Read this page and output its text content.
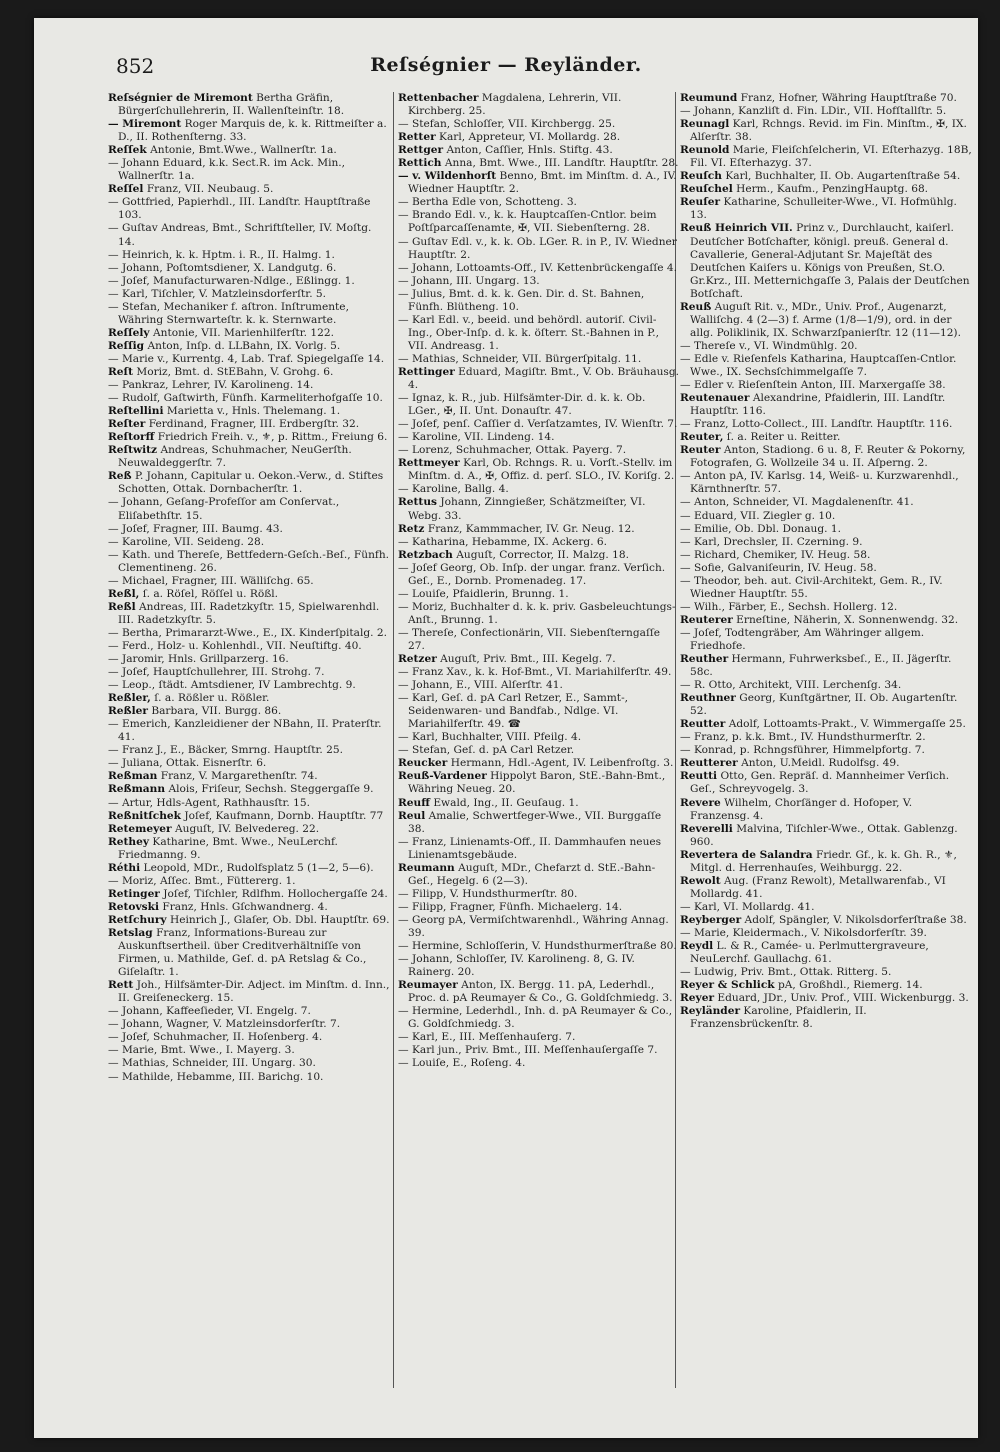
852	Reſségnier — Reyländer.

Reſségnier de Miremont Bertha Gräfin, Bürgerſchullehrerin, II. Wallenſteinſtr. 18.

— Miremont Roger Marquis de, k. k. Rittmeiſter a. D., II. Rothenſterng. 33.

Reſſek Antonie, Bmt.Wwe., Wallnerſtr. 1a.

— Johann Eduard, k.k. Sect.R. im Ack. Min., Wallnerſtr. 1a.

Reſſel Franz, VII. Neubaug. 5.

— Gottfried, Papierhdl., III. Landſtr. Hauptſtraße 103.

— Guſtav Andreas, Bmt., Schriftſteller, IV. Moſtg. 14.

— Heinrich, k. k. Hptm. i. R., II. Halmg. 1.

— Johann, Poſtomtsdiener, X. Landgutg. 6.

— Joſef, Manufacturwaren-Ndlge., Eßlingg. 1.

— Karl, Tiſchler, V. Matzleinsdorferſtr. 5.

— Stefan, Mechaniker f. aſtron. Inſtrumente, Währing Sternwarteſtr. k. k. Sternwarte.

Reſſely Antonie, VII. Marienhilferſtr. 122.

Reſſig Anton, Inſp. d. LLBahn, IX. Vorlg. 5.

— Marie v., Kurrentg. 4, Lab. Traf. Spiegelgaſſe 14.

Reſt Moriz, Bmt. d. StEBahn, V. Grohg. 6.

— Pankraz, Lehrer, IV. Karolineng. 14.

— Rudolf, Gaſtwirth, Fünfh. Karmeliterhofgaſſe 10.

Reſtellini Marietta v., Hnls. Thelemang. 1.

Reſter Ferdinand, Fragner, III. Erdbergſtr. 32.

Reſtorff Friedrich Freih. v., ⚜, p. Rittm., Freiung 6.

Reſtwitz Andreas, Schuhmacher, NeuGerſth. Neuwaldeggerſtr. 7.

Reß P. Johann, Capitular u. Oekon.-Verw., d. Stiftes Schotten, Ottak. Dornbacherſtr. 1.

— Johann, Geſang-Profeſſor am Conſervat., Eliſabethſtr. 15.

— Joſef, Fragner, III. Baumg. 43.

— Karoline, VII. Seideng. 28.

— Kath. und Thereſe, Bettfedern-Geſch.-Beſ., Fünfh. Clementineng. 26.

— Michael, Fragner, III. Wälliſchg. 65.

Reßl, ſ. a. Röſel, Röſſel u. Rößl.

Reßl Andreas, III. Radetzkyſtr. 15, Spielwarenhdl. III. Radetzkyſtr. 5.

— Bertha, Primararzt-Wwe., E., IX. Kinderſpitalg. 2.

— Ferd., Holz- u. Kohlenhdl., VII. Neuſtiftg. 40.

— Jaromir, Hnls. Grillparzerg. 16.

— Joſef, Hauptſchullehrer, III. Strohg. 7.

— Leop., ſtädt. Amtsdiener, IV Lambrechtg. 9.

Reßler, ſ. a. Rößler u. Rößler.

Reßler Barbara, VII. Burgg. 86.

— Emerich, Kanzleidiener der NBahn, II. Praterſtr. 41.

— Franz J., E., Bäcker, Smrng. Hauptſtr. 25.

— Juliana, Ottak. Eisnerſtr. 6.

Reßman Franz, V. Margarethenſtr. 74.

Reßmann Alois, Friſeur, Sechsh. Steggergaſſe 9.

— Artur, Hdls-Agent, Rathhausſtr. 15.

Reßnitſchek Joſef, Kaufmann, Dornb. Hauptſtr. 77

Retemeyer Auguſt, IV. Belvedereg. 22.

Rethey Katharine, Bmt. Wwe., NeuLerchf. Friedmanng. 9.

Réthi Leopold, MDr., Rudolfsplatz 5 (1—2, 5—6).

— Moriz, Aſſec. Bmt., Füttererg. 1.

Retinger Joſef, Tiſchler, Rdlfhm. Hollochergaſſe 24.

Retovski Franz, Hnls. Gſchwandnerg. 4.

Retſchury Heinrich J., Glaſer, Ob. Dbl. Hauptſtr. 69.

Retslag Franz, Informations-Bureau zur Auskunftsertheil. über Creditverhältniſſe von Firmen, u. Mathilde, Geſ. d. pA Retslag & Co., Giſelaſtr. 1.

Rett Joh., Hilfsämter-Dir. Adject. im Minſtm. d. Inn., II. Greiſeneckerg. 15.

— Johann, Kaffeeſieder, VI. Engelg. 7.

— Johann, Wagner, V. Matzleinsdorferſtr. 7.

— Joſef, Schuhmacher, II. Hoſenberg. 4.

— Marie, Bmt. Wwe., I. Mayerg. 3.

— Mathias, Schneider, III. Ungarg. 30.

— Mathilde, Hebamme, III. Barichg. 10.

Rettenbacher Magdalena, Lehrerin, VII. Kirchberg. 25.

— Stefan, Schloſſer, VII. Kirchbergg. 25.

Retter Karl, Appreteur, VI. Mollardg. 28.

Rettger Anton, Caſſier, Hnls. Stiftg. 43.

Rettich Anna, Bmt. Wwe., III. Landſtr. Hauptſtr. 28.

— v. Wildenhorſt Benno, Bmt. im Minſtm. d. A., IV. Wiedner Hauptſtr. 2.

— Bertha Edle von, Schotteng. 3.

— Brando Edl. v., k. k. Hauptcaſſen-Cntlor. beim Poſtſparcaſſenamte, ✠, VII. Siebenſterng. 28.

— Guſtav Edl. v., k. k. Ob. LGer. R. in P., IV. Wiedner Hauptſtr. 2.

— Johann, Lottoamts-Off., IV. Kettenbrückengaſſe 4.

— Johann, III. Ungarg. 13.

— Julius, Bmt. d. k. k. Gen. Dir. d. St. Bahnen, Fünfh. Blütheng. 10.

— Karl Edl. v., beeid. und behördl. autoriſ. Civil-Ing., Ober-Inſp. d. k. k. öſterr. St.-Bahnen in P., VII. Andreasg. 1.

— Mathias, Schneider, VII. Bürgerſpitalg. 11.

Rettinger Eduard, Magiſtr. Bmt., V. Ob. Bräuhausg. 4.

— Ignaz, k. R., jub. Hilfsämter-Dir. d. k. k. Ob. LGer., ✠, II. Unt. Donauſtr. 47.

— Joſef, penſ. Caſſier d. Verſatzamtes, IV. Wienſtr. 7.

— Karoline, VII. Lindeng. 14.

— Lorenz, Schuhmacher, Ottak. Payerg. 7.

Rettmeyer Karl, Ob. Rchngs. R. u. Vorſt.-Stellv. im Minſtm. d. A., ✠, Offiz. d. perſ. SLO., IV. Koriſg. 2.

— Karoline, Ballg. 4.

Rettus Johann, Zinngießer, Schätzmeiſter, VI. Webg. 33.

Retz Franz, Kammmacher, IV. Gr. Neug. 12.

— Katharina, Hebamme, IX. Ackerg. 6.

Retzbach Auguſt, Corrector, II. Malzg. 18.

— Joſef Georg, Ob. Inſp. der ungar. franz. Verſich. Geſ., E., Dornb. Promenadeg. 17.

— Louiſe, Pfaidlerin, Brunng. 1.

— Moriz, Buchhalter d. k. k. priv. Gasbeleuchtungs-Anſt., Brunng. 1.

— Thereſe, Confectionärin, VII. Siebenſterngaſſe 27.

Retzer Auguſt, Priv. Bmt., III. Kegelg. 7.

— Franz Xav., k. k. Hof-Bmt., VI. Mariahilferſtr. 49.

— Johann, E., VIII. Alſerſtr. 41.

— Karl, Geſ. d. pA Carl Retzer, E., Sammt-, Seidenwaren- und Bandfab., Ndlge. VI. Mariahilferſtr. 49. ☎

— Karl, Buchhalter, VIII. Pfeilg. 4.

— Stefan, Geſ. d. pA Carl Retzer.

Reucker Hermann, Hdl.-Agent, IV. Leibenfroſtg. 3.

Reuß-Vardener Hippolyt Baron, StE.-Bahn-Bmt., Währing Neueg. 20.

Reuff Ewald, Ing., II. Geuſaug. 1.

Reul Amalie, Schwertfeger-Wwe., VII. Burggaſſe 38.

— Franz, Linienamts-Off., II. Dammhaufen neues Linienamtsgebäude.

Reumann Auguſt, MDr., Chefarzt d. StE.-Bahn-Geſ., Hegelg. 6 (2—3).

— Filipp, V. Hundsthurmerſtr. 80.

— Filipp, Fragner, Fünfh. Michaelerg. 14.

— Georg pA, Vermiſchtwarenhdl., Währing Annag. 39.

— Hermine, Schloſſerin, V. Hundsthurmerſtraße 80.

— Johann, Schloſſer, IV. Karolineng. 8, G. IV. Rainerg. 20.

Reumayer Anton, IX. Bergg. 11. pA, Lederhdl., Proc. d. pA Reumayer & Co., G. Goldſchmiedg. 3.

— Hermine, Lederhdl., Inh. d. pA Reumayer & Co., G. Goldſchmiedg. 3.

— Karl, E., III. Meſſenhauſerg. 7.

— Karl jun., Priv. Bmt., III. Meſſenhauſergaſſe 7.

— Louiſe, E., Roſeng. 4.

Reumund Franz, Hofner, Währing Hauptſtraße 70.

— Johann, Kanzliſt d. Fin. LDir., VII. Hofſtallſtr. 5.

Reunagl Karl, Rchngs. Revid. im Fin. Minſtm., ✠, IX. Alſerſtr. 38.

Reunold Marie, Fleiſchſelcherin, VI. Eſterhazyg. 18B, Fil. VI. Eſterhazyg. 37.

Reuſch Karl, Buchhalter, II. Ob. Augartenſtraße 54.

Reuſchel Herm., Kaufm., PenzingHauptg. 68.

Reuſer Katharine, Schulleiter-Wwe., VI. Hofmühlg. 13.

Reuß Heinrich VII. Prinz v., Durchlaucht, kaiſerl. Deutſcher Botſchafter, königl. preuß. General d. Cavallerie, General-Adjutant Sr. Majeſtät des Deutſchen Kaiſers u. Königs von Preußen, St.O. Gr.Krz., III. Metternichgaſſe 3, Palais der Deutſchen Botſchaft.

Reuß Auguſt Rit. v., MDr., Univ. Prof., Augenarzt, Walliſchg. 4 (2—3) f. Arme (1/8—1/9), ord. in der allg. Poliklinik, IX. Schwarzſpanierſtr. 12 (11—12).

— Thereſe v., VI. Windmühlg. 20.

— Edle v. Rieſenfels Katharina, Hauptcaſſen-Cntlor. Wwe., IX. Sechsſchimmelgaſſe 7.

— Edler v. Rieſenſtein Anton, III. Marxergaſſe 38.

Reutenauer Alexandrine, Pfaidlerin, III. Landſtr. Hauptſtr. 116.

— Franz, Lotto-Collect., III. Landſtr. Hauptſtr. 116.

Reuter, ſ. a. Reiter u. Reitter.

Reuter Anton, Stadiong. 6 u. 8, F. Reuter & Pokorny, Fotografen, G. Wollzeile 34 u. II. Aſperng. 2.

— Anton pA, IV. Karlsg. 14, Weiß- u. Kurzwarenhdl., Kärnthnerſtr. 57.

— Anton, Schneider, VI. Magdalenenſtr. 41.

— Eduard, VII. Ziegler g. 10.

— Emilie, Ob. Dbl. Donaug. 1.

— Karl, Drechsler, II. Czerning. 9.

— Richard, Chemiker, IV. Heug. 58.

— Sofie, Galvaniſeurin, IV. Heug. 58.

— Theodor, beh. aut. Civil-Architekt, Gem. R., IV. Wiedner Hauptſtr. 55.

— Wilh., Färber, E., Sechsh. Hollerg. 12.

Reuterer Erneſtine, Näherin, X. Sonnenwendg. 32.

— Joſef, Todtengräber, Am Währinger allgem. Friedhofe.

Reuther Hermann, Fuhrwerksbeſ., E., II. Jägerſtr. 58c.

— R. Otto, Architekt, VIII. Lerchenſg. 34.

Reuthner Georg, Kunſtgärtner, II. Ob. Augartenſtr. 52.

Reutter Adolf, Lottoamts-Prakt., V. Wimmergaſſe 25.

— Franz, p. k.k. Bmt., IV. Hundsthurmerſtr. 2.

— Konrad, p. Rchngsführer, Himmelpfortg. 7.

Reutterer Anton, U.Meidl. Rudolfsg. 49.

Reutti Otto, Gen. Repräſ. d. Mannheimer Verſich. Geſ., Schreyvogelg. 3.

Revere Wilhelm, Chorſänger d. Hofoper, V. Franzensg. 4.

Reverelli Malvina, Tiſchler-Wwe., Ottak. Gablenzg. 960.

Revertera de Salandra Friedr. Gf., k. k. Gh. R., ⚜, Mitgl. d. Herrenhauſes, Weihburgg. 22.

Rewolt Aug. (Franz Rewolt), Metallwarenfab., VI Mollardg. 41.

— Karl, VI. Mollardg. 41.

Reyberger Adolf, Spängler, V. Nikolsdorferſtraße 38.

— Marie, Kleidermach., V. Nikolsdorferſtr. 39.

Reydl L. & R., Camée- u. Perlmuttergraveure, NeuLerchf. Gaullachg. 61.

— Ludwig, Priv. Bmt., Ottak. Ritterg. 5.

Reyer & Schlick pA, Großhdl., Riemerg. 14.

Reyer Eduard, JDr., Univ. Prof., VIII. Wickenburgg. 3.

Reyländer Karoline, Pfaidlerin, II. Franzensbrückenſtr. 8.
